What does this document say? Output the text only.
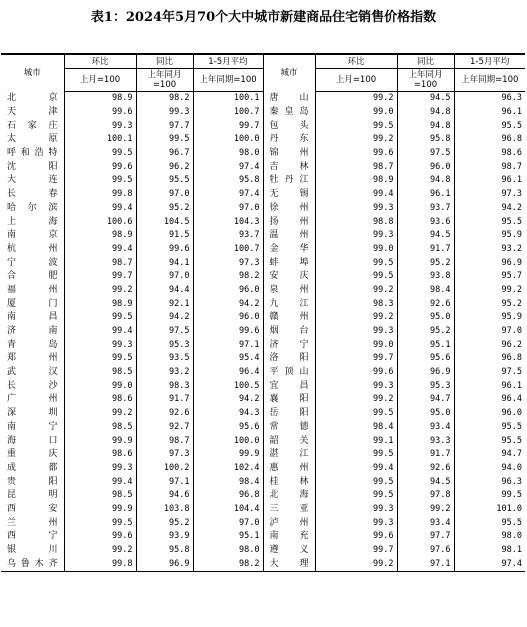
表1：2024年5月70个大中城市新建商品住宅销售价格指数
城市	环比	同比	1-5月平均	城市	环比	同比	1-5月平均
	上月=100	上年同月=100	上年同期=100		上月=100	上年同月=100	上年同期=100
北　　京	98.9	98.2	100.1	唐　　山	99.2	94.5	96.3
天　　津	99.6	99.3	100.7	秦 皇 岛	99.0	94.8	96.1
石 家 庄	99.3	97.7	99.7	包　　头	99.5	94.8	95.5
太　　原	100.1	99.5	100.0	丹　　东	99.2	95.8	96.8
呼和浩特	99.5	96.7	98.0	锦　　州	99.6	97.5	98.6
沈　　阳	99.6	96.2	97.4	吉　　林	98.7	96.0	98.7
大　　连	99.5	95.5	95.8	牡 丹 江	98.9	94.8	96.1
长　　春	99.8	97.0	97.4	无　　锡	99.4	96.1	97.3
哈 尔 滨	99.4	95.2	97.0	徐　　州	99.3	93.7	94.2
上　　海	100.6	104.5	104.3	扬　　州	98.8	93.6	95.5
南　　京	98.9	91.5	93.7	温　　州	99.3	94.5	95.9
杭　　州	99.4	99.6	100.7	金　　华	99.0	91.7	93.2
宁　　波	98.7	94.1	97.3	蚌　　埠	99.5	95.2	96.9
合　　肥	99.7	97.0	98.2	安　　庆	99.5	93.8	95.7
福　　州	99.2	94.4	96.0	泉　　州	99.2	98.4	99.2
厦　　门	98.9	92.1	94.2	九　　江	98.3	92.6	95.2
南　　昌	99.5	94.2	96.0	赣　　州	99.2	95.0	95.9
济　　南	99.4	97.5	99.6	烟　　台	99.3	95.2	97.0
青　　岛	99.3	95.3	97.1	济　　宁	99.0	95.1	96.2
郑　　州	99.5	93.5	95.4	洛　　阳	99.7	95.6	96.8
武　　汉	98.5	93.2	96.4	平 顶 山	99.6	96.9	97.5
长　　沙	99.0	98.3	100.5	宜　　昌	99.3	95.3	96.1
广　　州	98.6	91.7	94.2	襄　　阳	99.2	94.7	96.4
深　　圳	99.2	92.6	94.3	岳　　阳	99.5	95.0	96.0
南　　宁	98.5	92.7	95.6	常　　德	98.4	93.4	95.5
海　　口	99.9	98.7	100.0	韶　　关	99.1	93.3	95.5
重　　庆	98.6	97.3	99.9	湛　　江	99.5	91.7	94.7
成　　都	99.3	100.2	102.4	惠　　州	99.4	92.6	94.0
贵　　阳	99.4	97.1	98.4	桂　　林	99.5	94.5	96.3
昆　　明	98.5	94.6	96.8	北　　海	99.5	97.8	99.5
西　　安	99.9	103.8	104.4	三　　亚	99.3	99.2	101.0
兰　　州	99.5	95.2	97.0	泸　　州	99.3	93.4	95.5
西　　宁	99.6	93.9	95.1	南　　充	99.6	97.7	98.0
银　　川	99.2	95.8	98.0	遵　　义	99.7	97.6	98.1
乌鲁木齐	99.8	96.9	98.2	大　　理	99.2	97.1	97.4
